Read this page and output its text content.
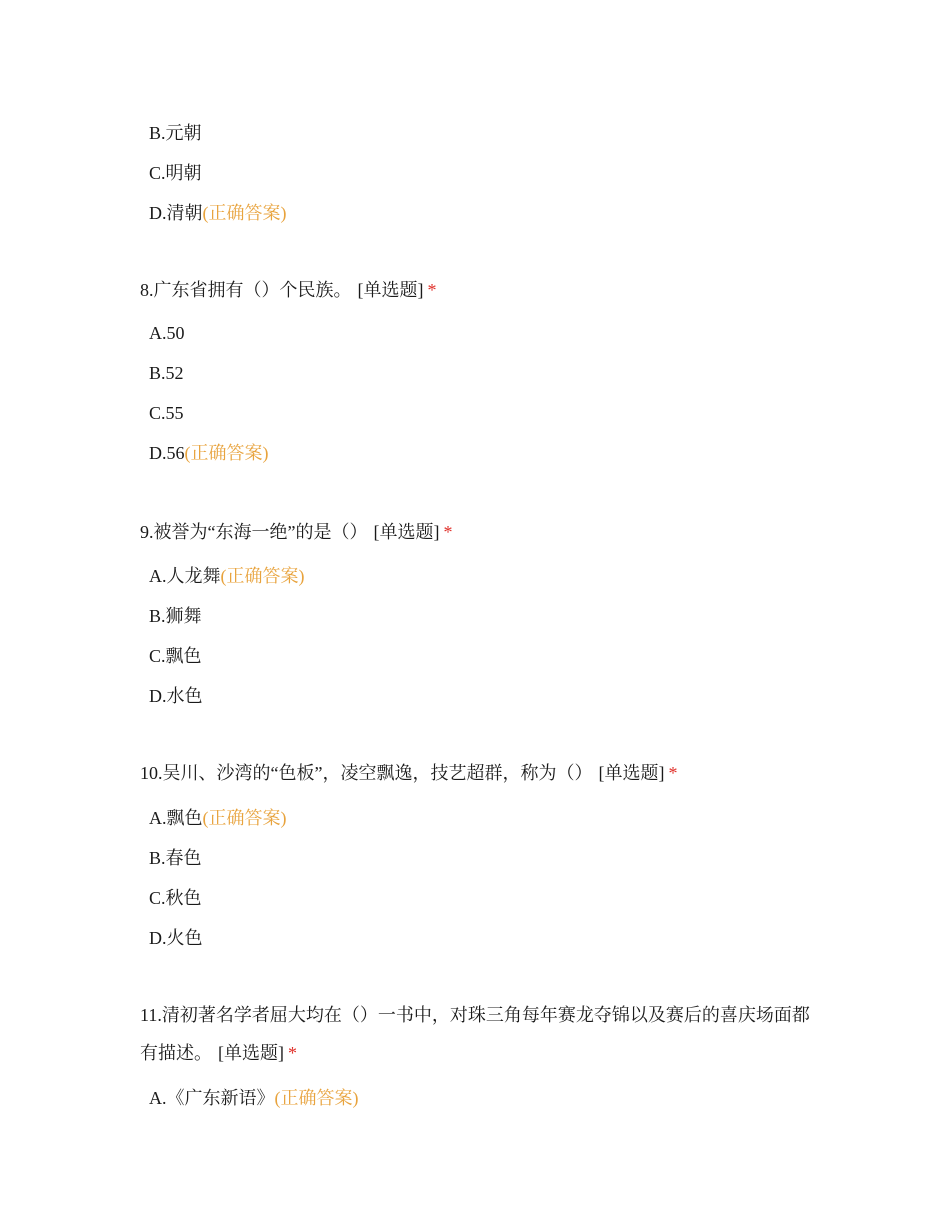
B.元朝
C.明朝
D.清朝(正确答案)

8.广东省拥有（）个民族。 [单选题] *

A.50
B.52
C.55
D.56(正确答案)

9.被誉为“东海一绝”的是（） [单选题] *

A.人龙舞(正确答案)
B.狮舞
C.飘色
D.水色

10.吴川、沙湾的“色板”，凌空飘逸，技艺超群，称为（） [单选题] *

A.飘色(正确答案)
B.春色
C.秋色
D.火色

11.清初著名学者屈大均在（）一书中，对珠三角每年赛龙夺锦以及赛后的喜庆场面都有描述。 [单选题] *

A.《广东新语》(正确答案)
